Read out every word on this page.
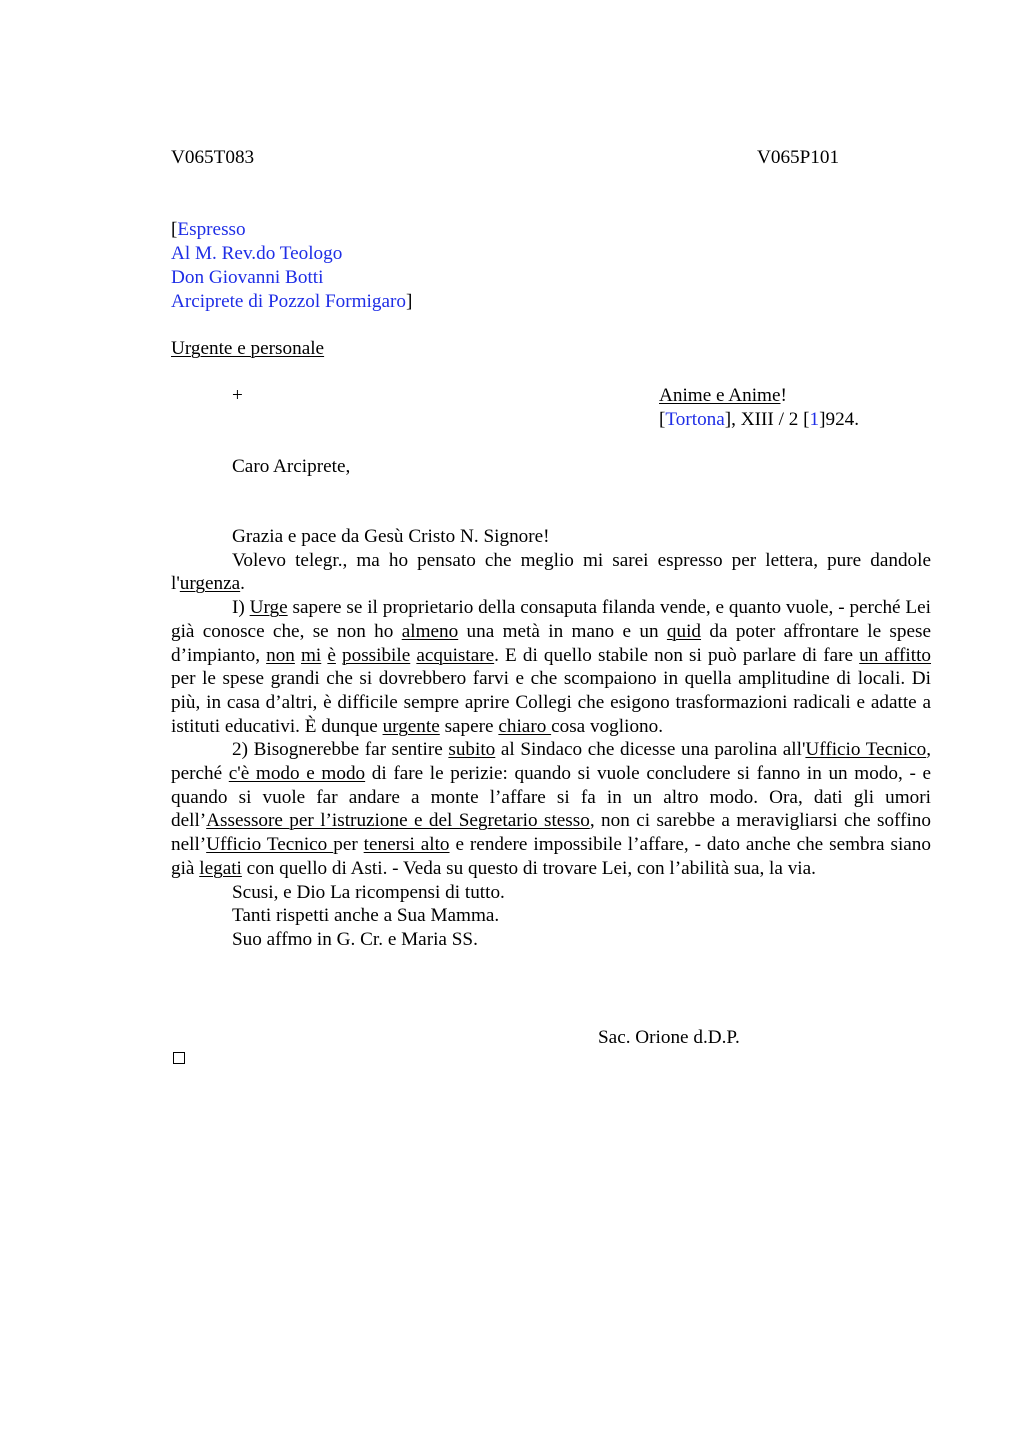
V065T083	V065P101
[Espresso
Al M. Rev.do Teologo
Don Giovanni Botti
Arciprete di Pozzol Formigaro]
Urgente e personale
+	Anime e Anime!
[Tortona], XIII / 2 [1]924.
Caro Arciprete,

Grazia e pace da Gesù Cristo N. Signore!

Volevo telegr., ma ho pensato che meglio mi sarei espresso per lettera, pure dandole l'urgenza.

I) Urge sapere se il proprietario della consaputa filanda vende, e quanto vuole, - perché Lei già conosce che, se non ho almeno una metà in mano e un quid da poter affrontare le spese d’impianto, non mi è possibile acquistare. E di quello stabile non si può parlare di fare un affitto per le spese grandi che si dovrebbero farvi e che scompaiono in quella amplitudine di locali. Di più, in casa d’altri, è difficile sempre aprire Collegi che esigono trasformazioni radicali e adatte a istituti educativi. È dunque urgente sapere chiaro cosa vogliono.

2) Bisognerebbe far sentire subito al Sindaco che dicesse una parolina all'Ufficio Tecnico, perché c'è modo e modo di fare le perizie: quando si vuole concludere si fanno in un modo, - e quando si vuole far andare a monte l’affare si fa in un altro modo. Ora, dati gli umori dell’Assessore per l’istruzione e del Segretario stesso, non ci sarebbe a meravigliarsi che soffino nell’Ufficio Tecnico per tenersi alto e rendere impossibile l’affare, - dato anche che sembra siano già legati con quello di Asti. - Veda su questo di trovare Lei, con l’abilità sua, la via.

Scusi, e Dio La ricompensi di tutto.

Tanti rispetti anche a Sua Mamma.

Suo affmo in G. Cr. e Maria SS.

Sac. Orione d.D.P.
